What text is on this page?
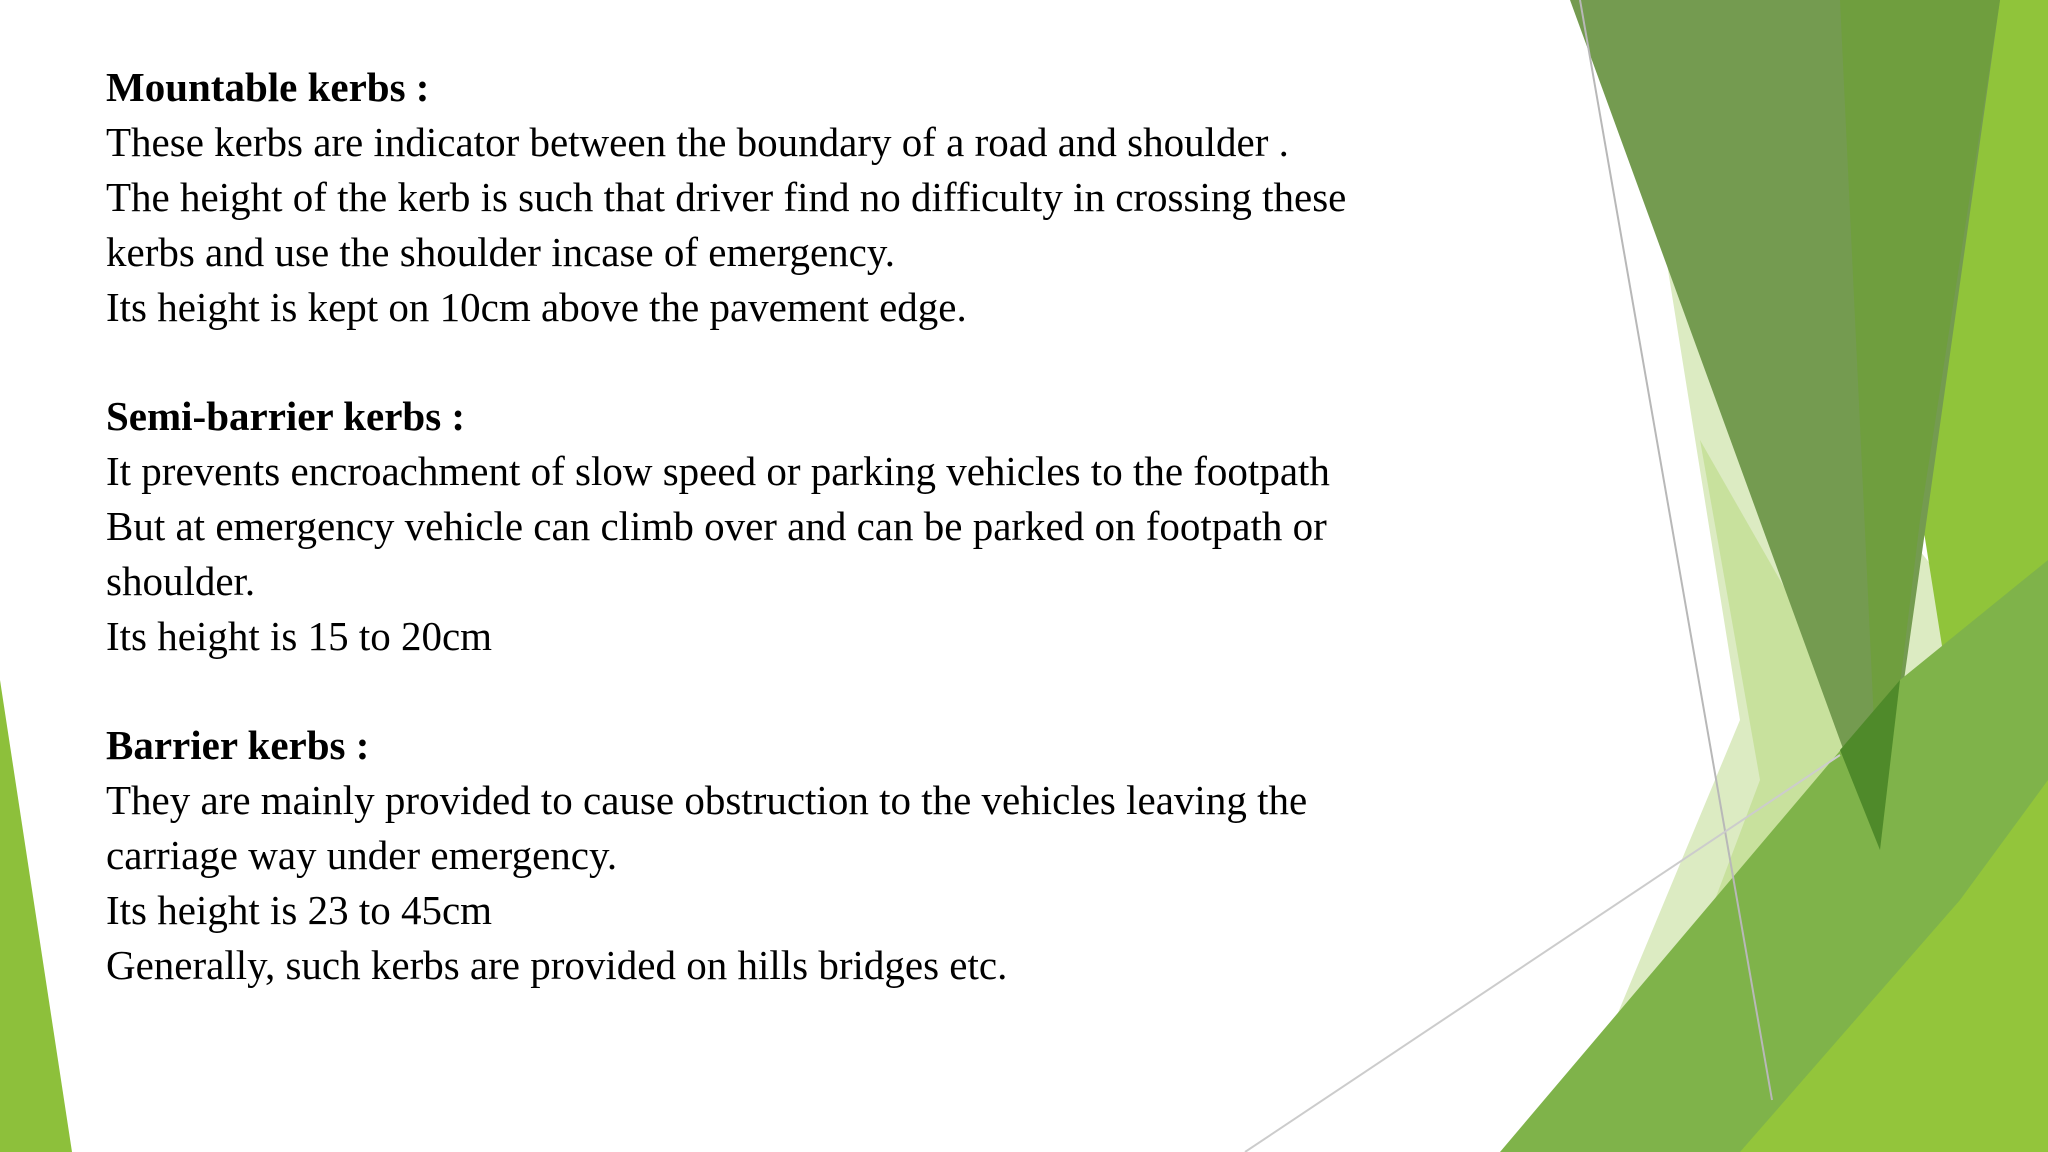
Mountable kerbs :
These kerbs are indicator between the boundary of a road and shoulder .
The height of the kerb is such that driver find no difficulty in crossing these
kerbs and use the shoulder incase of emergency.
Its height is kept on 10cm above the pavement edge.
Semi-barrier kerbs :
It prevents encroachment of slow speed or parking vehicles to the footpath
But at emergency vehicle can climb over and can be parked on footpath or
shoulder.
Its height is 15 to 20cm
Barrier kerbs :
They are mainly provided to cause obstruction to the vehicles leaving the
carriage way under emergency.
Its height is 23 to 45cm
Generally, such kerbs are provided on hills bridges etc.
